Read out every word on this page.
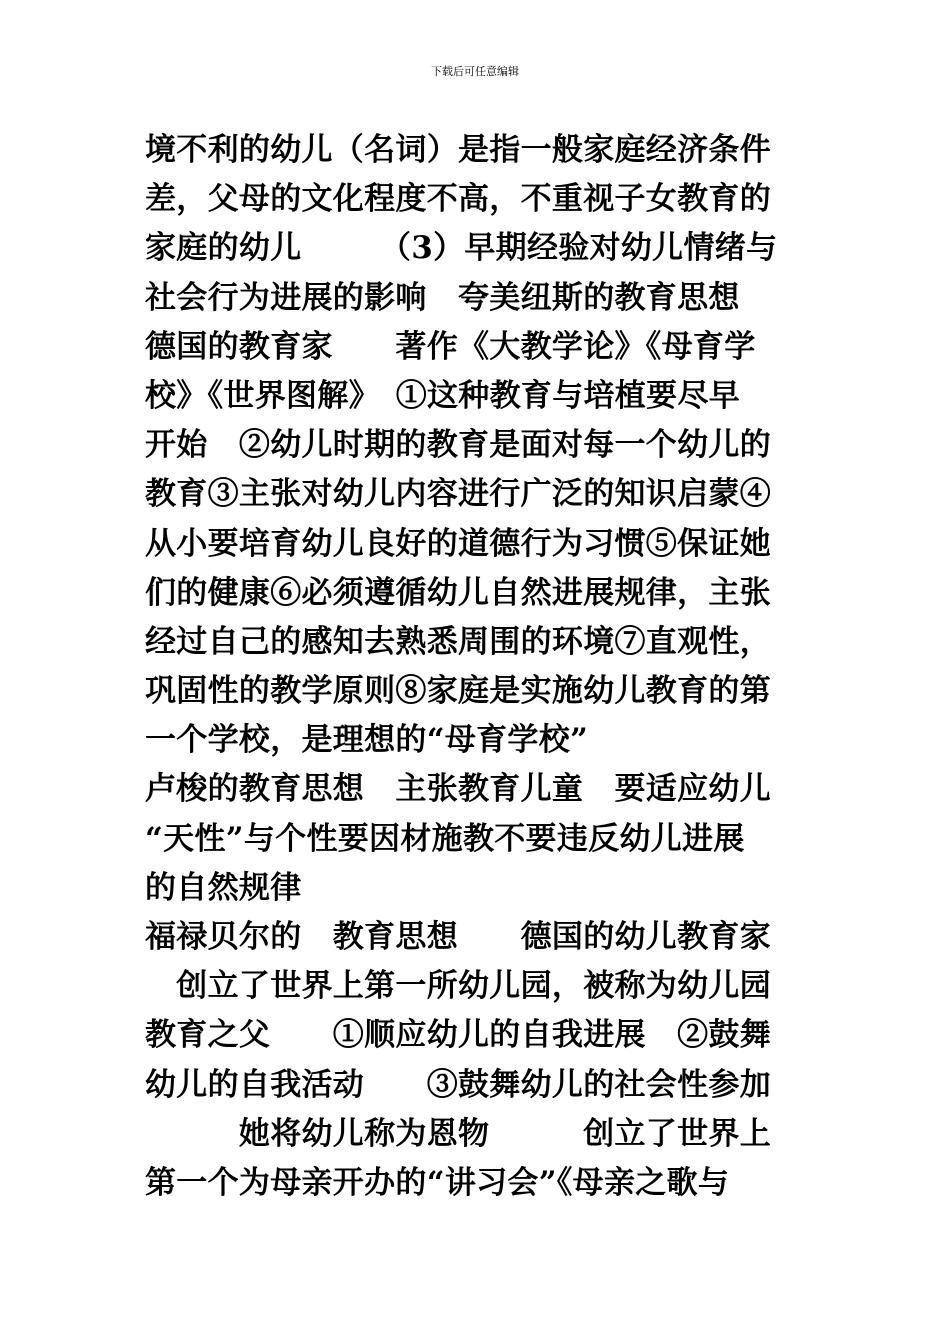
下载后可任意编辑
境不利的幼儿（名词）是指一般家庭经济条件
差，父母的文化程度不高，不重视子女教育的
家庭的幼儿　　　（3）早期经验对幼儿情绪与
社会行为进展的影响　夸美纽斯的教育思想
德国的教育家　　著作《大教学论》《母育学
校》《世界图解》　①这种教育与培植要尽早
开始　②幼儿时期的教育是面对每一个幼儿的
教育③主张对幼儿内容进行广泛的知识启蒙④
从小要培育幼儿良好的道德行为习惯⑤保证她
们的健康⑥必须遵循幼儿自然进展规律，主张
经过自己的感知去熟悉周围的环境⑦直观性，
巩固性的教学原则⑧家庭是实施幼儿教育的第
一个学校，是理想的“母育学校”
卢梭的教育思想　主张教育儿童　要适应幼儿
“天性”与个性要因材施教不要违反幼儿进展
的自然规律
福禄贝尔的　教育思想　　德国的幼儿教育家
　创立了世界上第一所幼儿园，被称为幼儿园
教育之父　　①顺应幼儿的自我进展　②鼓舞
幼儿的自我活动　　③鼓舞幼儿的社会性参加
　　　她将幼儿称为恩物　　　创立了世界上
第一个为母亲开办的“讲习会”《母亲之歌与
